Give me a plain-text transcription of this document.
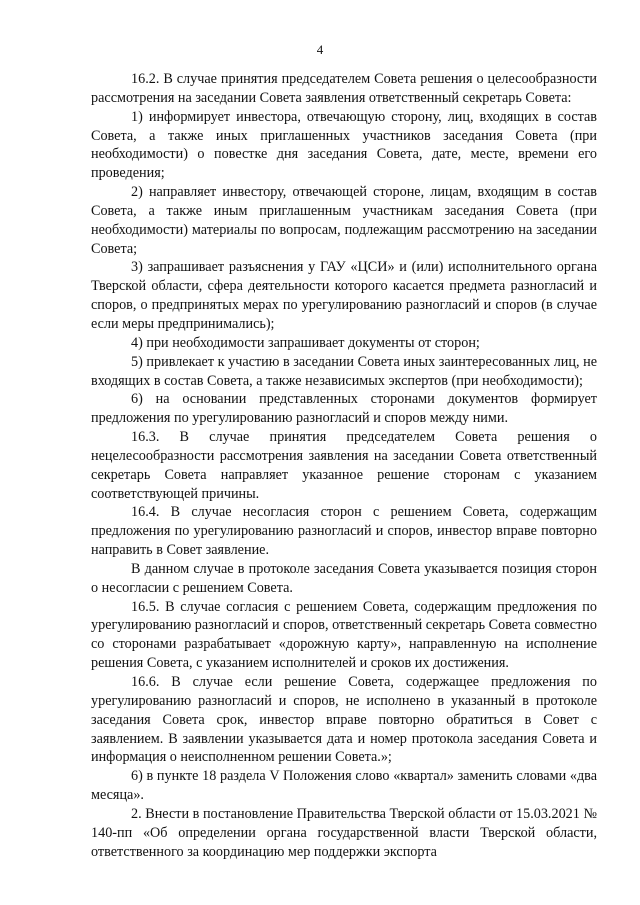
4

16.2. В случае принятия председателем Совета решения о целесообразности рассмотрения на заседании Совета заявления ответственный секретарь Совета:

1) информирует инвестора, отвечающую сторону, лиц, входящих в состав Совета, а также иных приглашенных участников заседания Совета (при необходимости) о повестке дня заседания Совета, дате, месте, времени его проведения;

2) направляет инвестору, отвечающей стороне, лицам, входящим в состав Совета, а также иным приглашенным участникам заседания Совета (при необходимости) материалы по вопросам, подлежащим рассмотрению на заседании Совета;

3) запрашивает разъяснения у ГАУ «ЦСИ» и (или) исполнительного органа Тверской области, сфера деятельности которого касается предмета разногласий и споров, о предпринятых мерах по урегулированию разногласий и споров (в случае если меры предпринимались);

4) при необходимости запрашивает документы от сторон;

5) привлекает к участию в заседании Совета иных заинтересованных лиц, не входящих в состав Совета, а также независимых экспертов (при необходимости);

6) на основании представленных сторонами документов формирует предложения по урегулированию разногласий и споров между ними.

16.3. В случае принятия председателем Совета решения о нецелесообразности рассмотрения заявления на заседании Совета ответственный секретарь Совета направляет указанное решение сторонам с указанием соответствующей причины.

16.4. В случае несогласия сторон с решением Совета, содержащим предложения по урегулированию разногласий и споров, инвестор вправе повторно направить в Совет заявление.

В данном случае в протоколе заседания Совета указывается позиция сторон о несогласии с решением Совета.

16.5. В случае согласия с решением Совета, содержащим предложения по урегулированию разногласий и споров, ответственный секретарь Совета совместно со сторонами разрабатывает «дорожную карту», направленную на исполнение решения Совета, с указанием исполнителей и сроков их достижения.

16.6. В случае если решение Совета, содержащее предложения по урегулированию разногласий и споров, не исполнено в указанный в протоколе заседания Совета срок, инвестор вправе повторно обратиться в Совет с заявлением. В заявлении указывается дата и номер протокола заседания Совета и информация о неисполненном решении Совета.»;

6) в пункте 18 раздела V Положения слово «квартал» заменить словами «два месяца».

2. Внести в постановление Правительства Тверской области от 15.03.2021 № 140-пп «Об определении органа государственной власти Тверской области, ответственного за координацию мер поддержки экспорта
